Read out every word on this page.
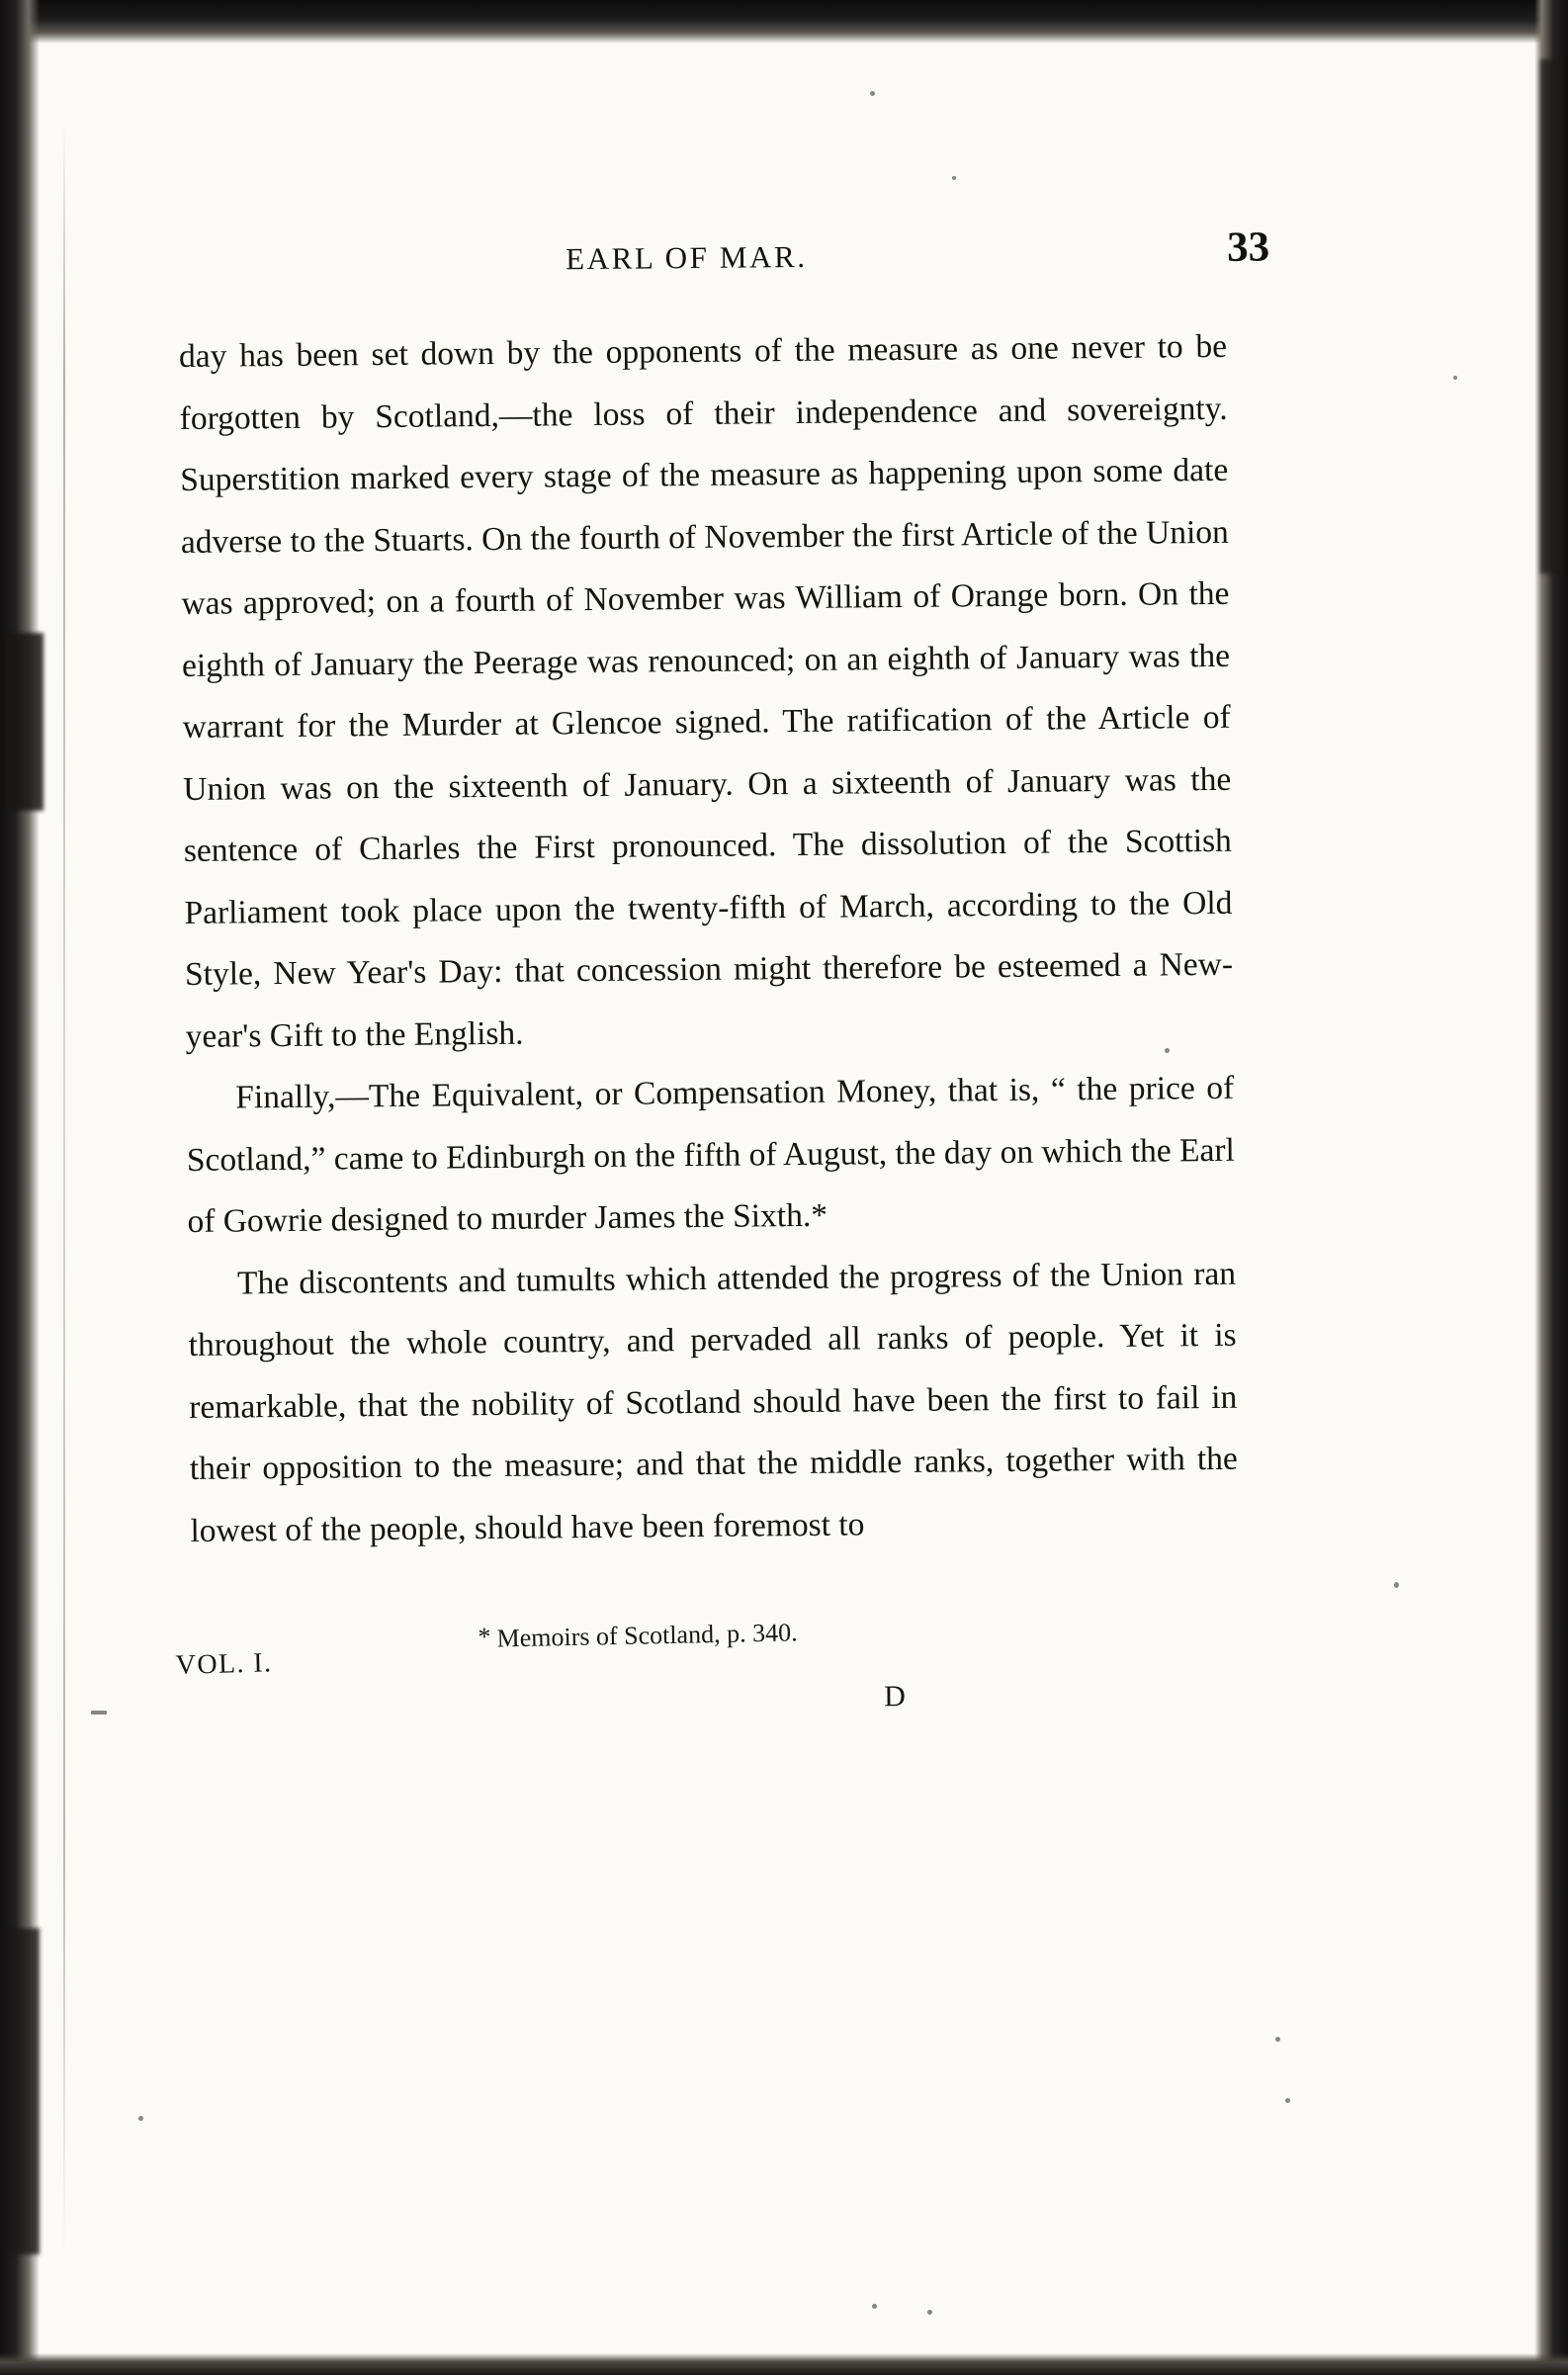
EARL OF MAR.	33

day has been set down by the opponents of the measure as one never to be forgotten by Scotland,—the loss of their independence and sovereignty. Superstition marked every stage of the measure as happening upon some date adverse to the Stuarts. On the fourth of November the first Article of the Union was approved; on a fourth of November was William of Orange born. On the eighth of January the Peerage was renounced; on an eighth of January was the warrant for the Murder at Glencoe signed. The ratification of the Article of Union was on the sixteenth of January. On a sixteenth of January was the sentence of Charles the First pronounced. The dissolution of the Scottish Parliament took place upon the twenty-fifth of March, according to the Old Style, New Year's Day: that concession might therefore be esteemed a New-year's Gift to the English.

Finally,—The Equivalent, or Compensation Money, that is, “ the price of Scotland,” came to Edinburgh on the fifth of August, the day on which the Earl of Gowrie designed to murder James the Sixth.*

The discontents and tumults which attended the progress of the Union ran throughout the whole country, and pervaded all ranks of people. Yet it is remarkable, that the nobility of Scotland should have been the first to fail in their opposition to the measure; and that the middle ranks, together with the lowest of the people, should have been foremost to

VOL. I.
* Memoirs of Scotland, p. 340.
D
